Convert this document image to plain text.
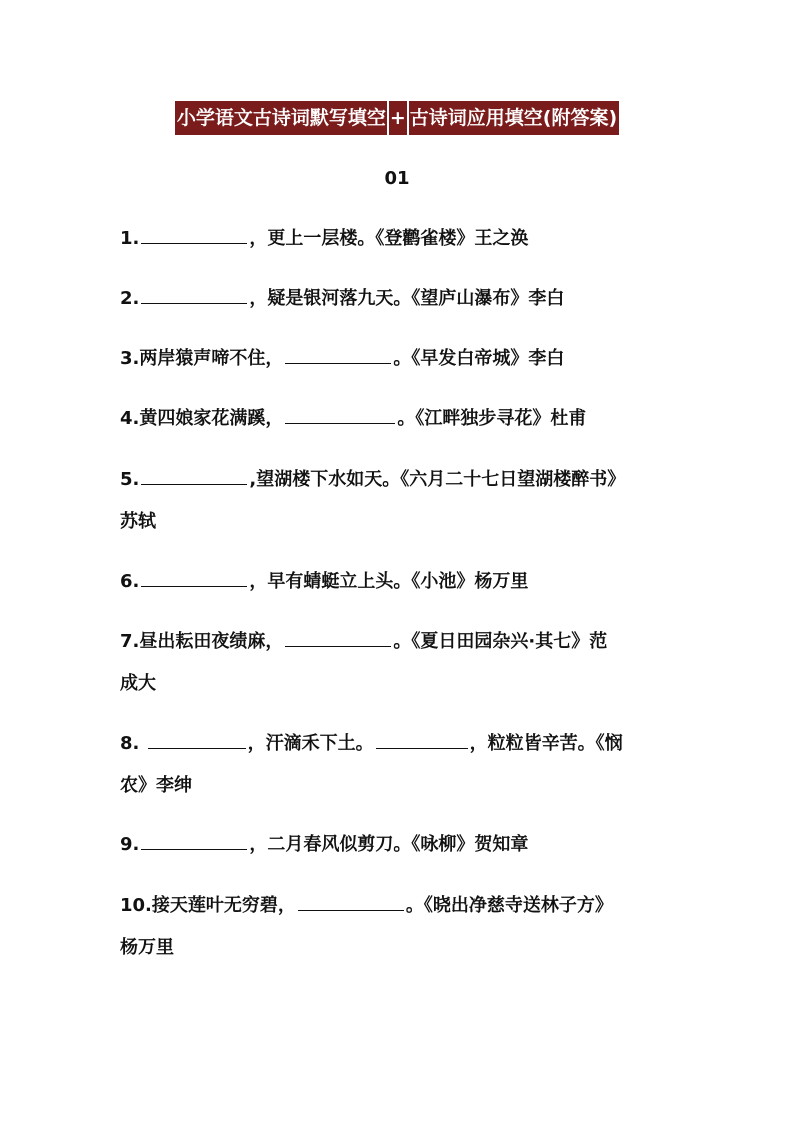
小学语文古诗词默写填空 + 古诗词应用填空(附答案)
01
1.	，更上一层楼。《登鹳雀楼》王之涣
2.	，疑是银河落九天。《望庐山瀑布》李白
3.两岸猿声啼不住，	。《早发白帝城》李白
4.黄四娘家花满蹊，	。《江畔独步寻花》杜甫
5.	,望湖楼下水如天。《六月二十七日望湖楼醉书》
苏轼
6.	，早有蜻蜓立上头。《小池》杨万里
7.昼出耘田夜绩麻，	。《夏日田园杂兴·其七》范
成大
8.	，汗滴禾下土。	，粒粒皆辛苦。《悯
农》李绅
9.	，二月春风似剪刀。《咏柳》贺知章
10.接天莲叶无穷碧，	。《晓出净慈寺送林子方》
杨万里
